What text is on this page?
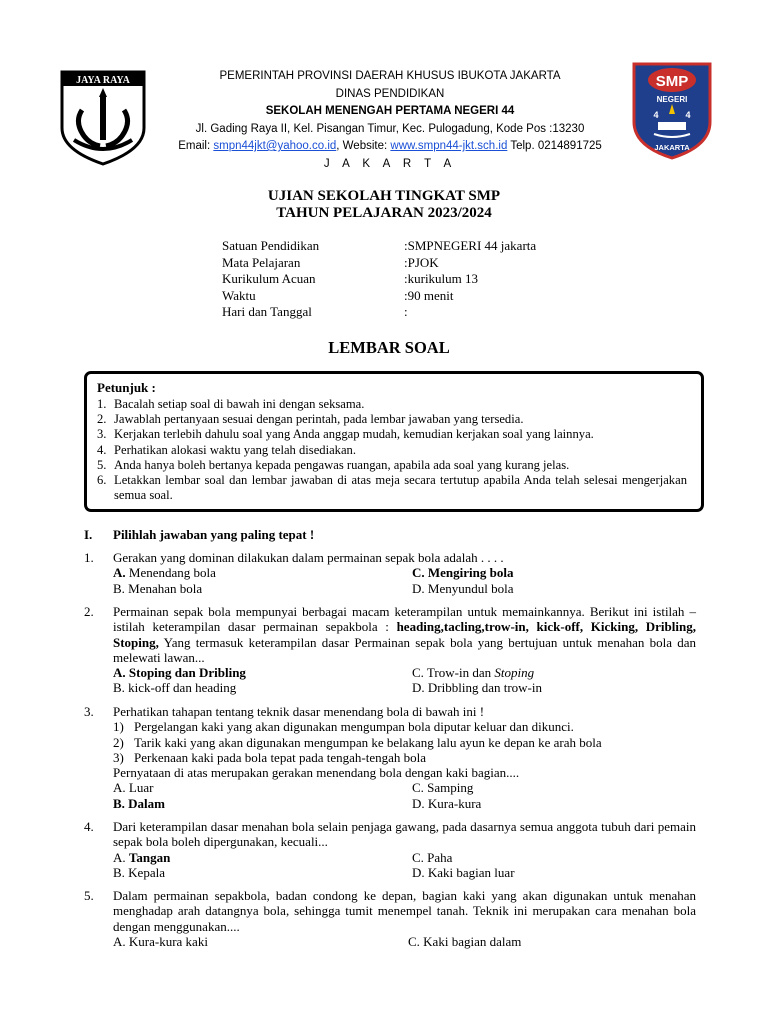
JAYA RAYA	PEMERINTAH PROVINSI DAERAH KHUSUS IBUKOTA JAKARTA
DINAS PENDIDIKAN
SEKOLAH MENENGAH PERTAMA NEGERI 44
Jl. Gading Raya II, Kel. Pisangan Timur, Kec. Pulogadung, Kode Pos :13230
Email: smpn44jkt@yahoo.co.id, Website: www.smpn44-jkt.sch.id Telp. 0214891725
J A K A R T A
SMP
NEGERI
4	4
JAKARTA
UJIAN SEKOLAH TINGKAT SMP
TAHUN PELAJARAN 2023/2024
Satuan Pendidikan	:SMPNEGERI 44 jakarta
Mata Pelajaran	:PJOK
Kurikulum Acuan	:kurikulum 13
Waktu	:90 menit
Hari dan Tanggal	:
LEMBAR SOAL
Petunjuk :
1. Bacalah setiap soal di bawah ini dengan seksama.
2. Jawablah pertanyaan sesuai dengan perintah, pada lembar jawaban yang tersedia.
3. Kerjakan terlebih dahulu soal yang Anda anggap mudah, kemudian kerjakan soal yang lainnya.
4. Perhatikan alokasi waktu yang telah disediakan.
5. Anda hanya boleh bertanya kepada pengawas ruangan, apabila ada soal yang kurang jelas.
6. Letakkan lembar soal dan lembar jawaban di atas meja secara tertutup apabila Anda telah selesai mengerjakan semua soal.
I. Pilihlah jawaban yang paling tepat !
1. Gerakan yang dominan dilakukan dalam permainan sepak bola adalah . . . .
A. Menendang bola	C. Mengiring bola
B. Menahan bola	D. Menyundul bola
2. Permainan sepak bola mempunyai berbagai macam keterampilan untuk memainkannya. Berikut ini istilah – istilah keterampilan dasar permainan sepakbola : heading,tacling,trow-in, kick-off, Kicking, Dribling, Stoping, Yang termasuk keterampilan dasar Permainan sepak bola yang bertujuan untuk menahan bola dan melewati lawan...
A. Stoping dan Dribling	C. Trow-in dan Stoping
B. kick-off dan heading	D. Dribbling dan trow-in
3. Perhatikan tahapan tentang teknik dasar menendang bola di bawah ini !
1) Pergelangan kaki yang akan digunakan mengumpan bola diputar keluar dan dikunci.
2) Tarik kaki yang akan digunakan mengumpan ke belakang lalu ayun ke depan ke arah bola
3) Perkenaan kaki pada bola tepat pada tengah-tengah bola
Pernyataan di atas merupakan gerakan menendang bola dengan kaki bagian....
A. Luar	C. Samping
B. Dalam	D. Kura-kura
4. Dari keterampilan dasar menahan bola selain penjaga gawang, pada dasarnya semua anggota tubuh dari pemain sepak bola boleh dipergunakan, kecuali...
A. Tangan	C. Paha
B. Kepala	D. Kaki bagian luar
5. Dalam permainan sepakbola, badan condong ke depan, bagian kaki yang akan digunakan untuk menahan menghadap arah datangnya bola, sehingga tumit menempel tanah. Teknik ini merupakan cara menahan bola dengan menggunakan....
A. Kura-kura kaki	C. Kaki bagian dalam
